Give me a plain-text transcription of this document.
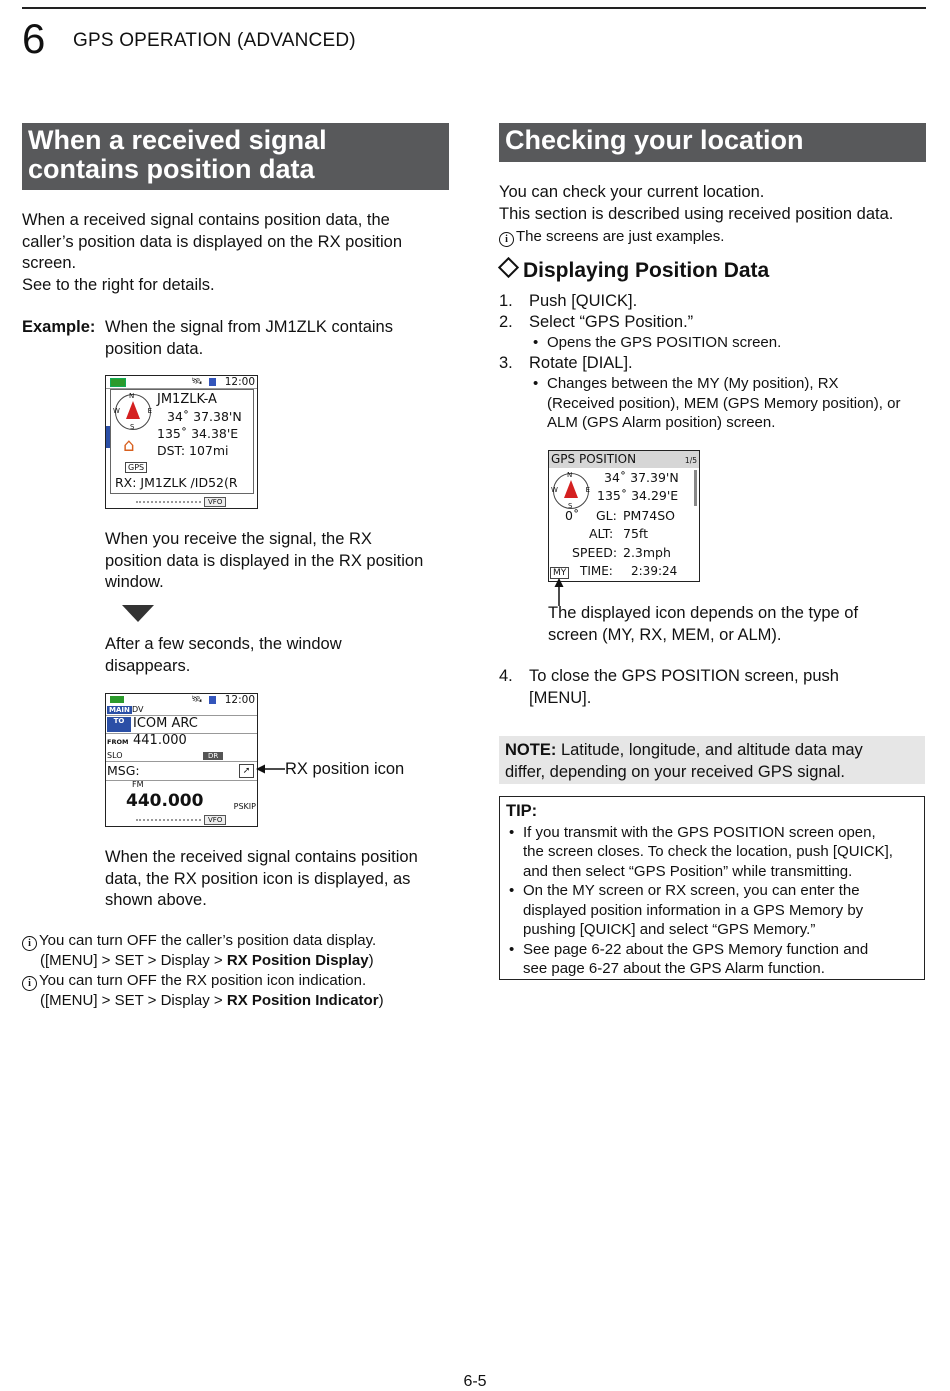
6 GPS OPERATION (ADVANCED)
When a received signal
contains position data
When a received signal contains position data, the
caller’s position data is displayed on the RX position
screen.
See to the right for details.
Example: When the signal from JM1ZLK contains
position data.
🛰 12:00
N
W	E
S
JM1ZLK-A
34˚ 37.38'N
135˚ 34.38'E
⌂ DST: 107mi
GPS
RX: JM1ZLK /ID52(R
VFO
When you receive the signal, the RX
position data is displayed in the RX position
window.
After a few seconds, the window
disappears.
🛰 12:00
MAIN DV
TO ICOM ARC
FROM 441.000
SLO	DR
MSG:	➚
FM
440.000	PSKIP
VFO
RX position icon
When the received signal contains position
data, the RX position icon is displayed, as
shown above.
i You can turn OFF the caller’s position data display.
([MENU] > SET > Display > RX Position Display)
i You can turn OFF the RX position icon indication.
([MENU] > SET > Display > RX Position Indicator)
Checking your location
You can check your current location.
This section is described using received position data.
i The screens are just examples.
Displaying Position Data
1. Push [QUICK].
2. Select “GPS Position.”
• Opens the GPS POSITION screen.
3. Rotate [DIAL].
• Changes between the MY (My position), RX
(Received position), MEM (GPS Memory position), or
ALM (GPS Alarm position) screen.
GPS POSITION	1/5
N
W	E
S
34˚ 37.39'N
135˚ 34.29'E
0˚ GL: PM74SO
ALT: 75ft
SPEED: 2.3mph
MY TIME: 2:39:24
The displayed icon depends on the type of
screen (MY, RX, MEM, or ALM).
4. To close the GPS POSITION screen, push
[MENU].
NOTE: Latitude, longitude, and altitude data may
differ, depending on your received GPS signal.
TIP:
• If you transmit with the GPS POSITION screen open,
the screen closes. To check the location, push [QUICK],
and then select “GPS Position” while transmitting.
• On the MY screen or RX screen, you can enter the
displayed position information in a GPS Memory by
pushing [QUICK] and select “GPS Memory.”
• See page 6-22 about the GPS Memory function and
see page 6-27 about the GPS Alarm function.
6-5
